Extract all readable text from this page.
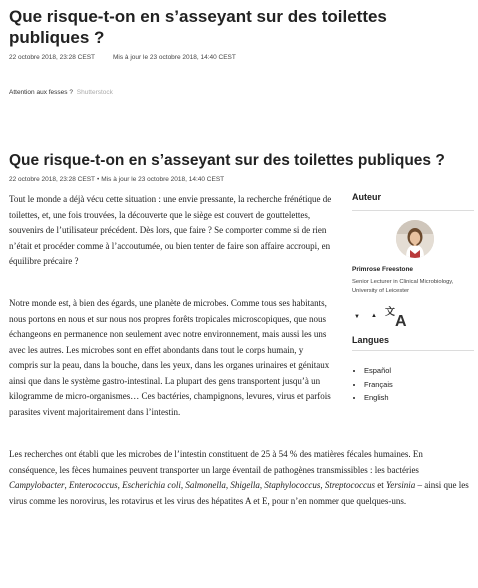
Que risque-t-on en s’asseyant sur des toilettes publiques ?
22 octobre 2018, 23:28 CEST	Mis à jour le 23 octobre 2018, 14:40 CEST
Attention aux fesses ? Shutterstock
Que risque-t-on en s’asseyant sur des toilettes publiques ?
22 octobre 2018, 23:28 CEST • Mis à jour le 23 octobre 2018, 14:40 CEST

Tout le monde a déjà vécu cette situation : une envie pressante, la recherche frénétique de toilettes, et, une fois trouvées, la découverte que le siège est couvert de gouttelettes, souvenirs de l’utilisateur précédent. Dès lors, que faire ? Se comporter comme si de rien n’était et procéder comme à l’accoutumée, ou bien tenter de faire son affaire accroupi, en équilibre précaire ?

Notre monde est, à bien des égards, une planète de microbes. Comme tous ses habitants, nous portons en nous et sur nous nos propres forêts tropicales microscopiques, que nous échangeons en permanence non seulement avec notre environnement, mais aussi les uns avec les autres. Les microbes sont en effet abondants dans tout le corps humain, y compris sur la peau, dans la bouche, dans les yeux, dans les organes urinaires et génitaux ainsi que dans le système gastro-intestinal. La plupart des gens transportent jusqu’à un kilogramme de micro-organismes… Ces bactéries, champignons, levures, virus et parfois parasites vivent majoritairement dans l’intestin.

Les recherches ont établi que les microbes de l’intestin constituent de 25 à 54 % des matières fécales humaines. En conséquence, les fèces humaines peuvent transporter un large éventail de pathogènes transmissibles : les bactéries Campylobacter, Enterococcus, Escherichia coli, Salmonella, Shigella, Staphylococcus, Streptococcus et Yersinia – ainsi que les virus comme les norovirus, les rotavirus et les virus des hépatites A et E, pour n’en nommer que quelques-uns.

Auteur
Primrose Freestone
Senior Lecturer in Clinical Microbiology, University of Leicester
▼ ▲ 文
A
Langues
• Español
• Français
• English
